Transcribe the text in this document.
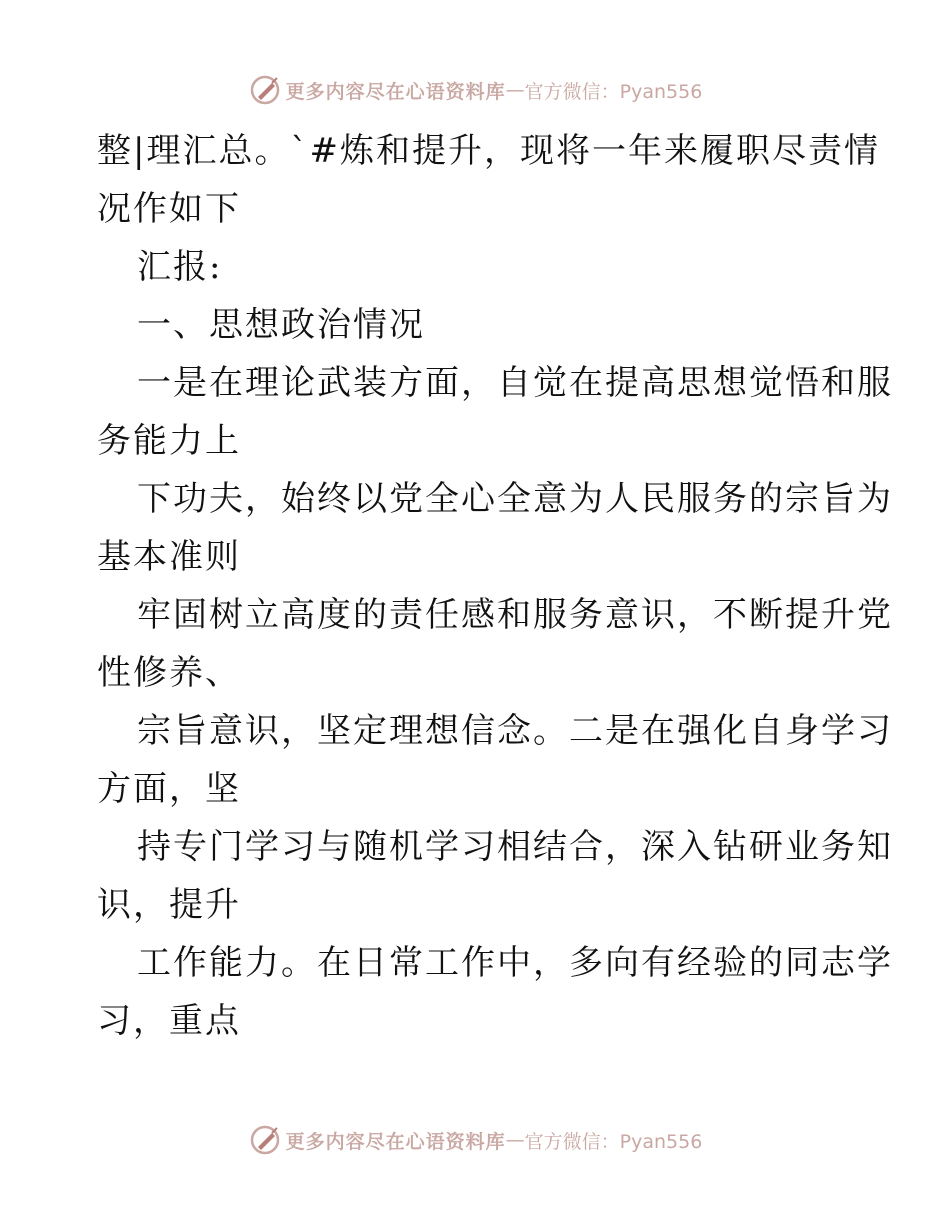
更多内容尽在心语资料库 — 官方微信：Pyan556
整|理汇总。`#炼和提升，现将一年来履职尽责情
况作如下
汇报:
一、思想政治情况
一是在理论武装方面，自觉在提高思想觉悟和服
务能力上
下功夫，始终以党全心全意为人民服务的宗旨为
基本准则
牢固树立高度的责任感和服务意识，不断提升党
性修养、
宗旨意识，坚定理想信念。二是在强化自身学习
方面，坚
持专门学习与随机学习相结合，深入钻研业务知
识，提升
工作能力。在日常工作中，多向有经验的同志学
习，重点
更多内容尽在心语资料库 — 官方微信：Pyan556
